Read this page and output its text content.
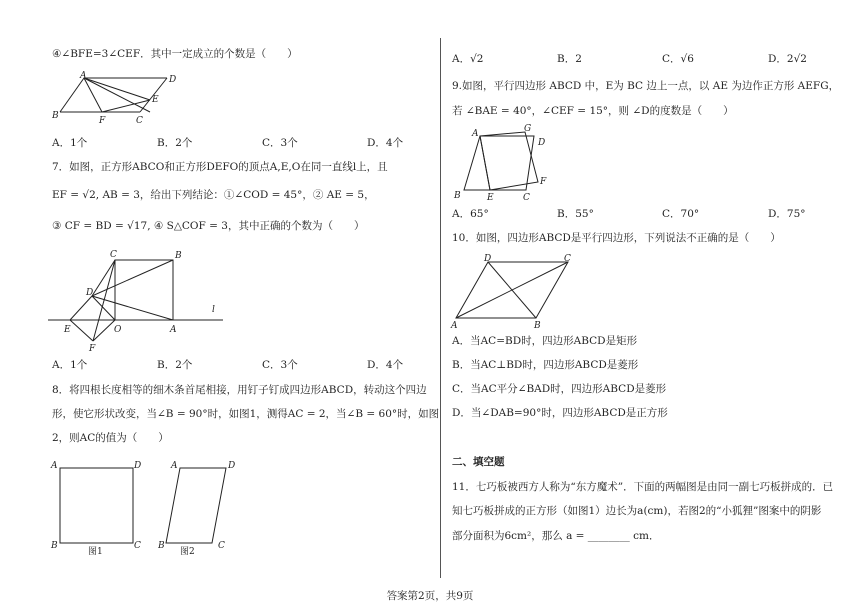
④∠BFE=3∠CEF．其中一定成立的个数是（　　）
A	D
B	F	C
E
A．1个	B．2个	C．3个	D．4个
7．如图，正方形ABCO和正方形DEFO的顶点A,E,O在同一直线l上，且
EF = √2, AB = 3，给出下列结论：①∠COD = 45°，② AE = 5，
③ CF = BD = √17, ④ S△COF = 3，其中正确的个数为（　　）
C	B
D
l
E	O	A
F
A．1个	B．2个	C．3个	D．4个
8．将四根长度相等的细木条首尾相接，用钉子钉成四边形ABCD，转动这个四边
形，使它形状改变，当∠B = 90°时，如图1，测得AC = 2，当∠B = 60°时，如图
2，则AC的值为（　　）
A	D
B	C
图1
A	D
B	C
图2
A．√2	B．2	C．√6	D．2√2
9.如图，平行四边形 ABCD 中，E为 BC 边上一点，以 AE 为边作正方形 AEFG，
若 ∠BAE = 40°，∠CEF = 15°，则 ∠D的度数是（　　）
A	G
D
B	E	C
F
A．65°	B．55°	C．70°	D．75°
10．如图，四边形ABCD是平行四边形，下列说法不正确的是（　　）
D	C
A	B
A．当AC=BD时，四边形ABCD是矩形
B．当AC⊥BD时，四边形ABCD是菱形
C．当AC平分∠BAD时，四边形ABCD是菱形
D．当∠DAB=90°时，四边形ABCD是正方形
二、填空题
11．七巧板被西方人称为“东方魔术”．下面的两幅图是由同一副七巧板拼成的．已
知七巧板拼成的正方形（如图1）边长为a(cm)，若图2的“小狐狸”图案中的阴影
部分面积为6cm²，那么 a = ________ cm．
答案第2页，共9页
